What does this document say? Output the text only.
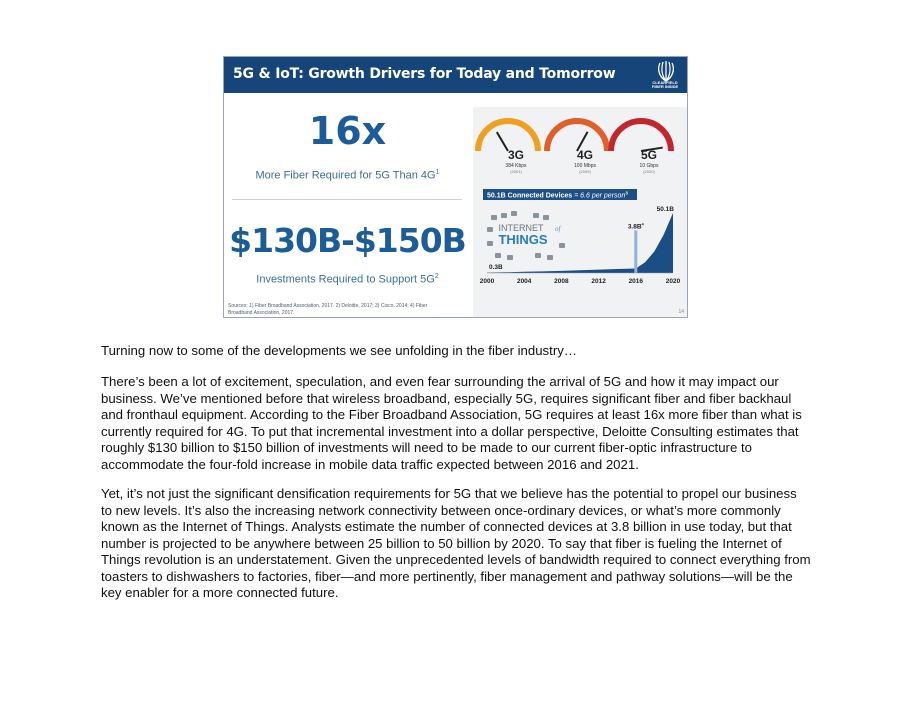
5G & IoT: Growth Drivers for Today and Tomorrow
CLEARFIELD
FIBER INSIDE
16x
More Fiber Required for 5G Than $4G^1$
$130B-$150B
Investments Required to Support $5G^2$
Sources: 1) Fiber Broadband Association, 2017. 2) Deloitte, 2017; 3) Cisco, 2014; 4) Fiber Broadband Association, 2017.
3G
384 Kbps
(2001)
4G
100 Mbps
(2009)
5G
10 Gbps
(2020)
50.1B Connected Devices = 6.6 per person$^3$
INTERNET of
THINGS
0.3B
$3.8B^4$
50.1B
2000	2004	2008	2012	2016	2020
14

Turning now to some of the developments we see unfolding in the fiber industry…

There’s been a lot of excitement, speculation, and even fear surrounding the arrival of 5G and how it may impact our business. We’ve mentioned before that wireless broadband, especially 5G, requires significant fiber and fiber backhaul and fronthaul equipment. According to the Fiber Broadband Association, 5G requires at least 16x more fiber than what is currently required for 4G. To put that incremental investment into a dollar perspective, Deloitte Consulting estimates that roughly $130 billion to $150 billion of investments will need to be made to our current fiber-optic infrastructure to accommodate the four-fold increase in mobile data traffic expected between 2016 and 2021.

Yet, it’s not just the significant densification requirements for 5G that we believe has the potential to propel our business to new levels. It’s also the increasing network connectivity between once-ordinary devices, or what’s more commonly known as the Internet of Things. Analysts estimate the number of connected devices at 3.8 billion in use today, but that number is projected to be anywhere between 25 billion to 50 billion by 2020. To say that fiber is fueling the Internet of Things revolution is an understatement. Given the unprecedented levels of bandwidth required to connect everything from toasters to dishwashers to factories, fiber—and more pertinently, fiber management and pathway solutions—will be the key enabler for a more connected future.
